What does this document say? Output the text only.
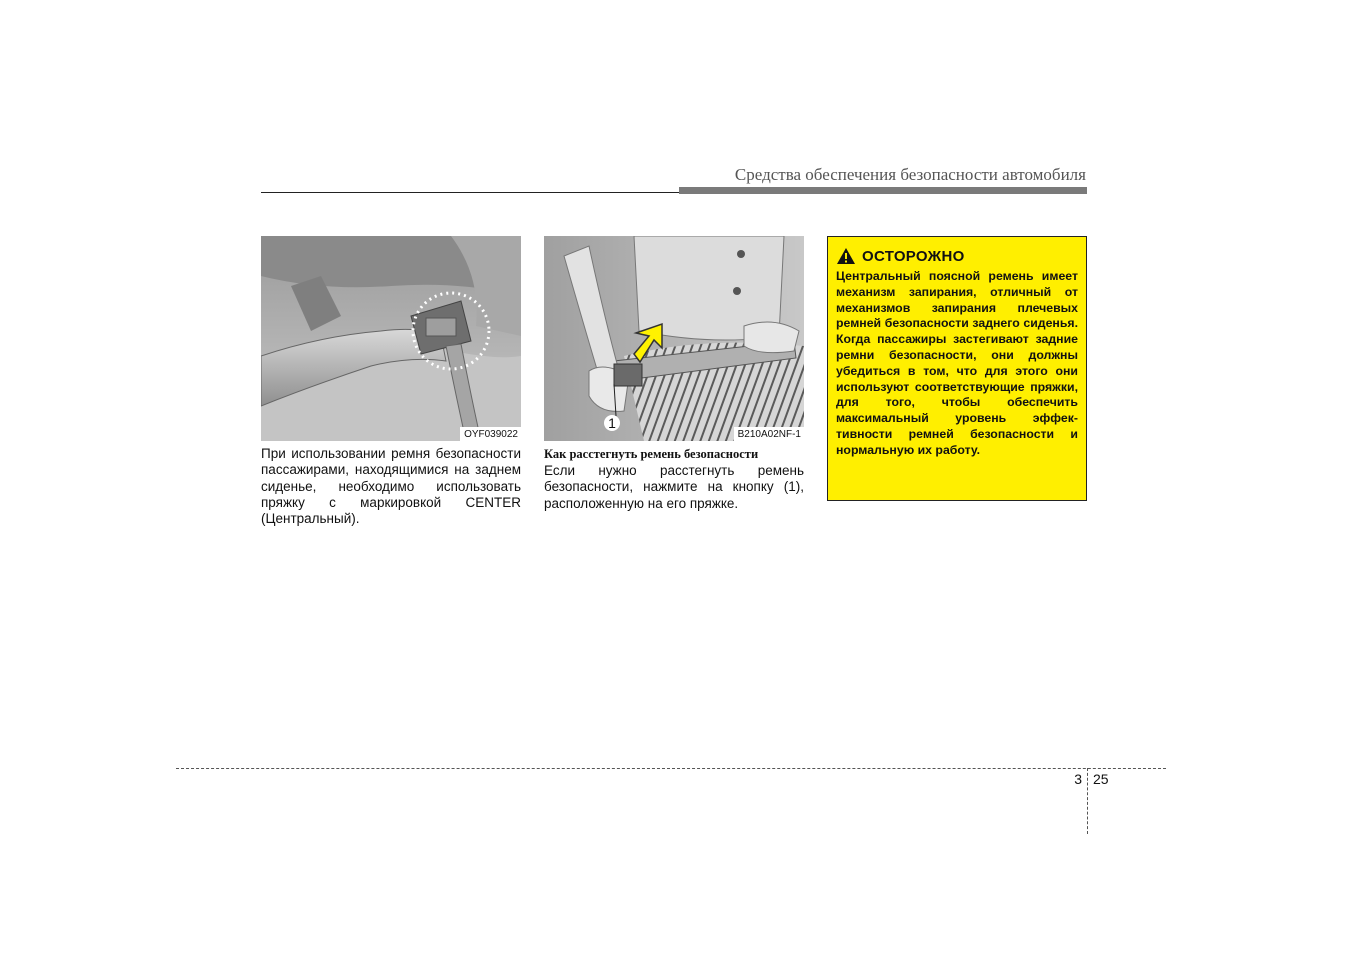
Средства обеспечения безопасности автомобиля
OYF039022
1
B210A02NF-1
При использовании ремня безопасности пассажирами, находящимися на заднем сиденье, необходимо использовать пряжку с маркировкой CENTER (Центральный).
Как расстегнуть ремень безопасности
Если нужно расстегнуть ремень безопасности, нажмите на кнопку (1), расположенную на его пряжке.
ОСТОРОЖНО
Центральный поясной ремень имеет механизм запирания, отличный от механизмов запирания плечевых ремней безопасности заднего сиденья. Когда пассажиры застегивают задние ремни безопасности, они должны убедиться в том, что для этого они используют соответствующие пряжки, для того, чтобы обеспечить максимальный уровень эффективности ремней безопасности и нормальную их работу.
3 25
